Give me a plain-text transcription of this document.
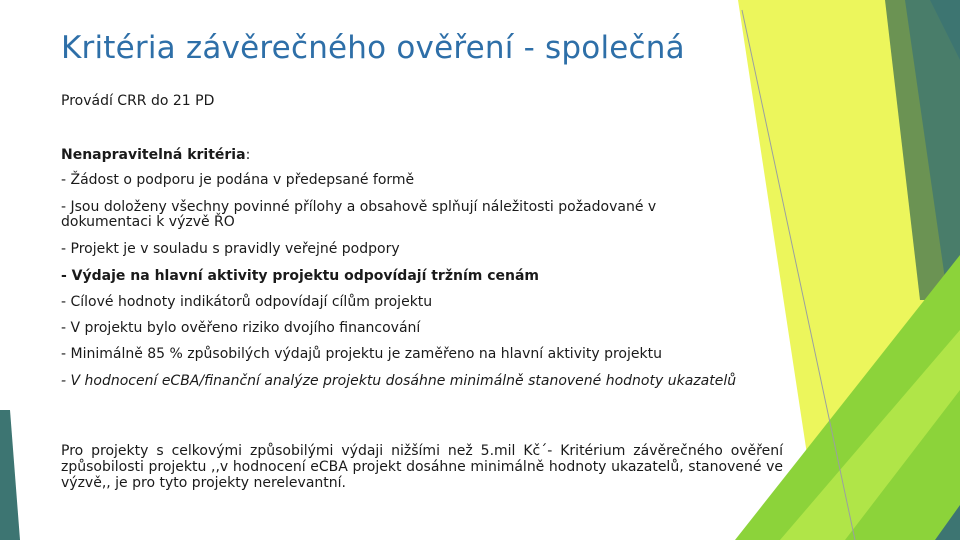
Kritéria závěrečného ověření - společná
Provádí CRR do 21 PD
Nenapravitelná kritéria:
- Žádost o podporu je podána v předepsané formě
- Jsou doloženy všechny povinné přílohy a obsahově splňují náležitosti požadované v dokumentaci k výzvě ŘO
- Projekt je v souladu s pravidly veřejné podpory
- Výdaje na hlavní aktivity projektu odpovídají tržním cenám
- Cílové hodnoty indikátorů odpovídají cílům projektu
- V projektu bylo ověřeno riziko dvojího financování
- Minimálně 85 % způsobilých výdajů projektu je zaměřeno na hlavní aktivity projektu
- V hodnocení eCBA/finanční analýze projektu dosáhne minimálně stanovené hodnoty ukazatelů
Pro projekty s celkovými způsobilými výdaji nižšími než 5.mil Kč´- Kritérium závěrečného ověření způsobilosti projektu ,,v hodnocení eCBA projekt dosáhne minimálně hodnoty ukazatelů, stanovené ve výzvě,, je pro tyto projekty nerelevantní.
